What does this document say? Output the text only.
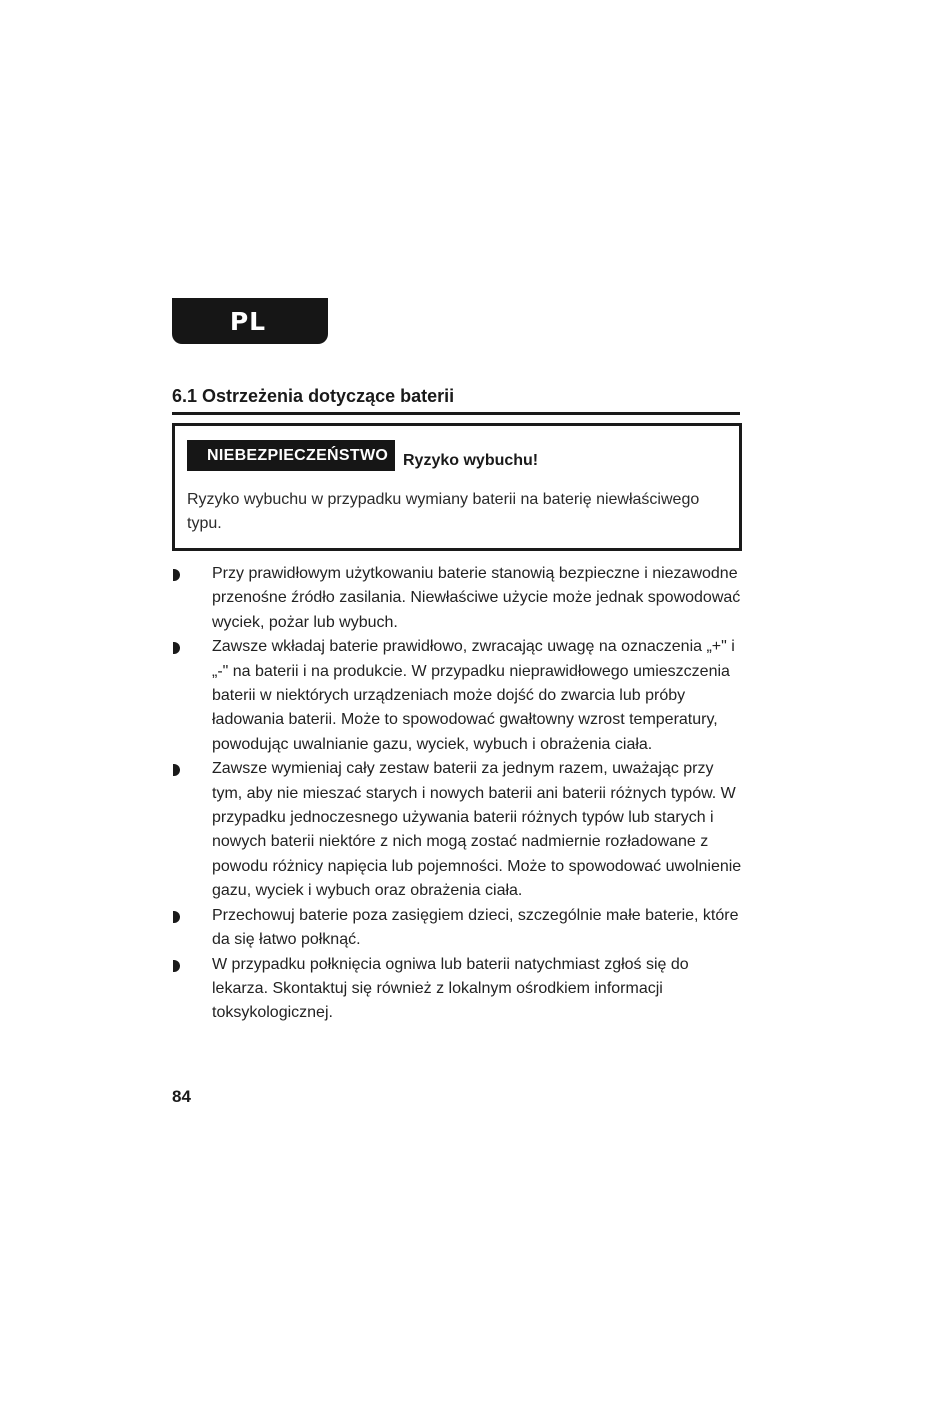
PL
6.1 Ostrzeżenia dotyczące baterii
NIEBEZPIECZEŃSTWO Ryzyko wybuchu!

Ryzyko wybuchu w przypadku wymiany baterii na baterię niewłaściwego typu.

Przy prawidłowym użytkowaniu baterie stanowią bezpieczne i niezawodne przenośne źródło zasilania. Niewłaściwe użycie może jednak spowodować wyciek, pożar lub wybuch.
Zawsze wkładaj baterie prawidłowo, zwracając uwagę na oznaczenia „+" i „-" na baterii i na produkcie. W przypadku nieprawidłowego umieszczenia baterii w niektórych urządzeniach może dojść do zwarcia lub próby ładowania baterii. Może to spowodować gwałtowny wzrost temperatury, powodując uwalnianie gazu, wyciek, wybuch i obrażenia ciała.
Zawsze wymieniaj cały zestaw baterii za jednym razem, uważając przy tym, aby nie mieszać starych i nowych baterii ani baterii różnych typów. W przypadku jednoczesnego używania baterii różnych typów lub starych i nowych baterii niektóre z nich mogą zostać nadmiernie rozładowane z powodu różnicy napięcia lub pojemności. Może to spowodować uwolnienie gazu, wyciek i wybuch oraz obrażenia ciała.
Przechowuj baterie poza zasięgiem dzieci, szczególnie małe baterie, które da się łatwo połknąć.
W przypadku połknięcia ogniwa lub baterii natychmiast zgłoś się do lekarza. Skontaktuj się również z lokalnym ośrodkiem informacji toksykologicznej.
84
